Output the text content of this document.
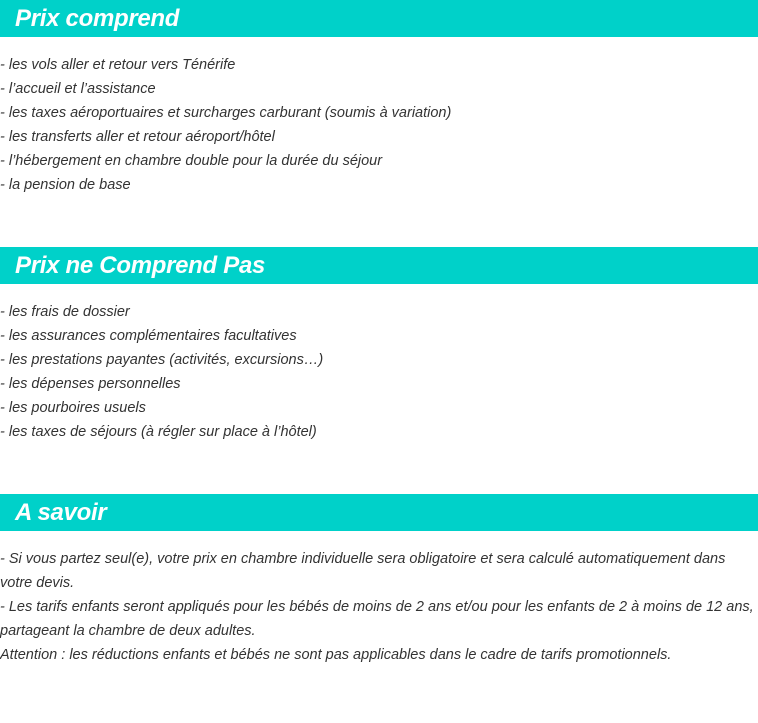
Prix comprend
- les vols aller et retour vers Ténérife
- l’accueil et l’assistance
- les taxes aéroportuaires et surcharges carburant (soumis à variation)
- les transferts aller et retour aéroport/hôtel
- l’hébergement en chambre double pour la durée du séjour
- la pension de base
Prix ne Comprend Pas
- les frais de dossier
- les assurances complémentaires facultatives
- les prestations payantes (activités, excursions…)
- les dépenses personnelles
- les pourboires usuels
- les taxes de séjours (à régler sur place à l’hôtel)
A savoir
- Si vous partez seul(e), votre prix en chambre individuelle sera obligatoire et sera calculé automatiquement dans votre devis.
- Les tarifs enfants seront appliqués pour les bébés de moins de 2 ans et/ou pour les enfants de 2 à moins de 12 ans, partageant la chambre de deux adultes.
Attention : les réductions enfants et bébés ne sont pas applicables dans le cadre de tarifs promotionnels.
